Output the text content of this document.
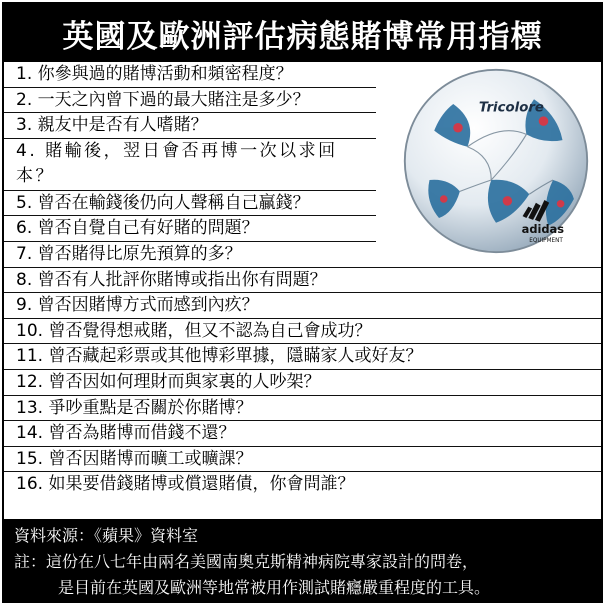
英國及歐洲評估病態賭博常用指標
1. 你參與過的賭博活動和頻密程度？
2. 一天之內曾下過的最大賭注是多少？
3. 親友中是否有人嗜賭？
4. 賭輸後，翌日會否再博一次以求回本？
5. 曾否在輸錢後仍向人聲稱自己贏錢？
6. 曾否自覺自己有好賭的問題？
7. 曾否賭得比原先預算的多？
8. 曾否有人批評你賭博或指出你有問題？
9. 曾否因賭博方式而感到內疚？
10. 曾否覺得想戒賭，但又不認為自己會成功？
11. 曾否藏起彩票或其他博彩單據，隱瞞家人或好友？
12. 曾否因如何理財而與家裏的人吵架？
13. 爭吵重點是否關於你賭博？
14. 曾否為賭博而借錢不還？
15. 曾否因賭博而曠工或曠課？
16. 如果要借錢賭博或償還賭債，你會問誰？
Tricolore
adidas
EQUIPMENT
資料來源：《蘋果》資料室
註：這份在八七年由兩名美國南奧克斯精神病院專家設計的問卷，
是目前在英國及歐洲等地常被用作測試賭癮嚴重程度的工具。
